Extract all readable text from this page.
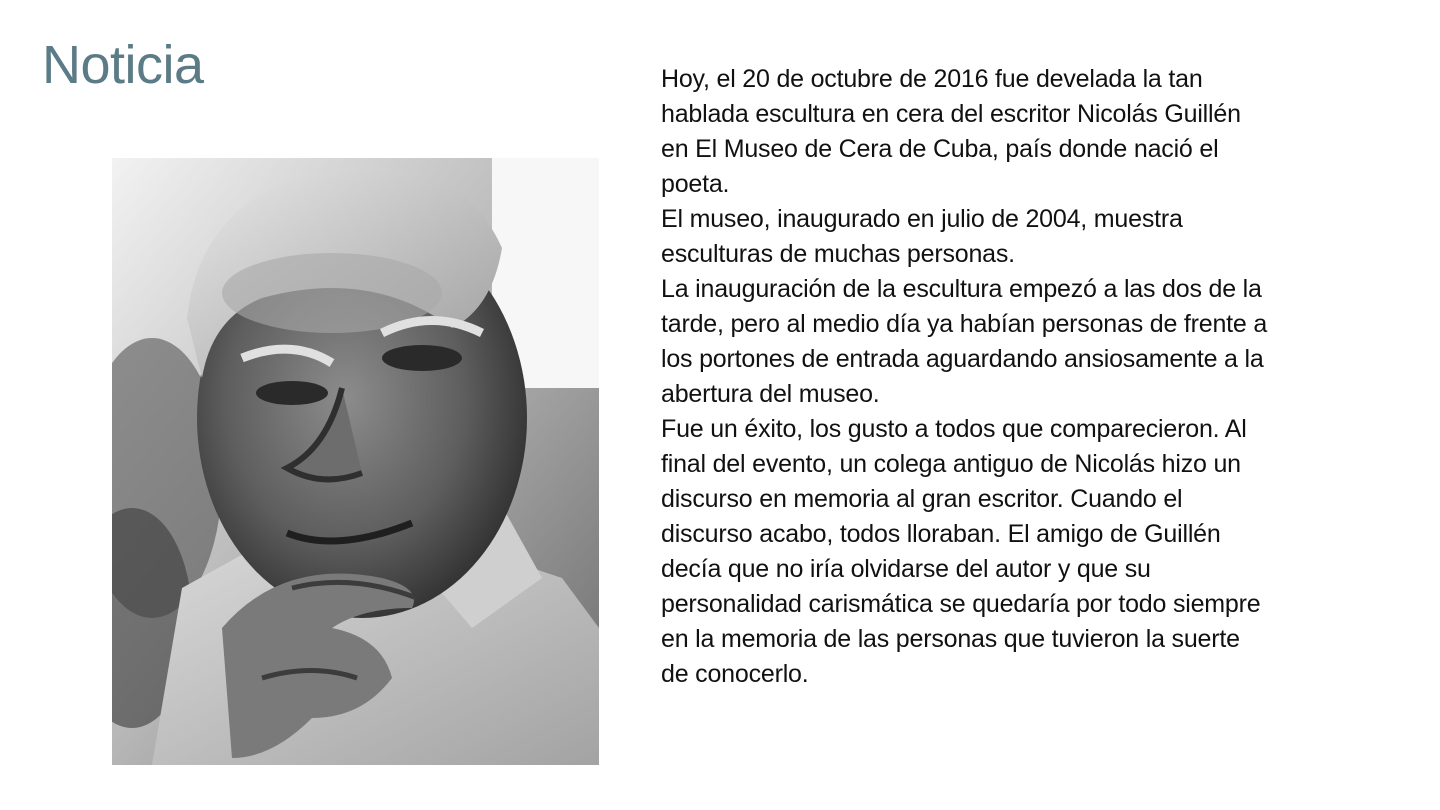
Noticia	Hoy, el 20 de octubre de 2016 fue develada la tan hablada escultura en cera del escritor Nicolás Guillén en El Museo de Cera de Cuba, país donde nació el poeta.

El museo, inaugurado en julio de 2004, muestra esculturas de muchas personas.

La inauguración de la escultura empezó a las dos de la tarde, pero al medio día ya habían personas de frente a los portones de entrada aguardando ansiosamente a la abertura del museo.

Fue un éxito, los gusto a todos que comparecieron. Al final del evento, un colega antiguo de Nicolás hizo un discurso en memoria al gran escritor. Cuando el discurso acabo, todos lloraban. El amigo de Guillén decía que no iría olvidarse del autor y que su personalidad carismática se quedaría por todo siempre en la memoria de las personas que tuvieron la suerte de conocerlo.
